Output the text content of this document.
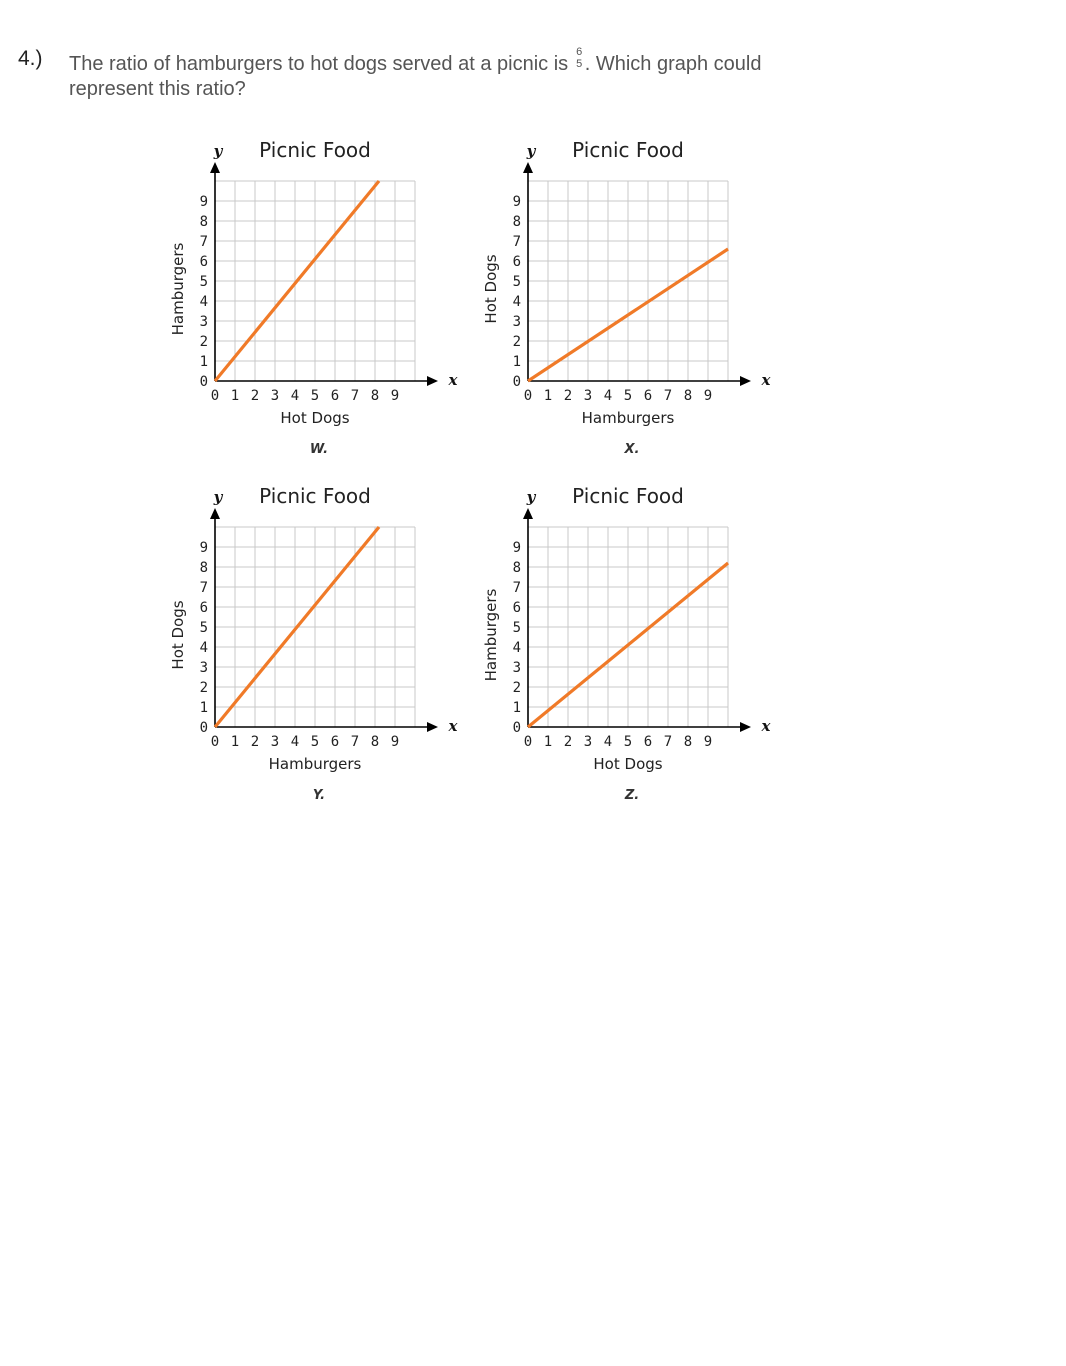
4.) The ratio of hamburgers to hot dogs served at a picnic is
6
5 . Which graph could represent this ratio?
Picnic Food
x
y
0 1 2 3 4 5 6 7 8 9
0
1
2
3
4
5
6
7
8
9
Hot Dogs
Hamburgers
W.
Picnic Food
x
y
0 1 2 3 4 5 6 7 8 9
0
1
2
3
4
5
6
7
8
9
Hamburgers
Hot Dogs
X.
Picnic Food
x
y
0 1 2 3 4 5 6 7 8 9
0
1
2
3
4
5
6
7
8
9
Hamburgers
Hot Dogs
Y.
Picnic Food
x
y
0 1 2 3 4 5 6 7 8 9
0
1
2
3
4
5
6
7
8
9
Hot Dogs
Hamburgers
Z.
